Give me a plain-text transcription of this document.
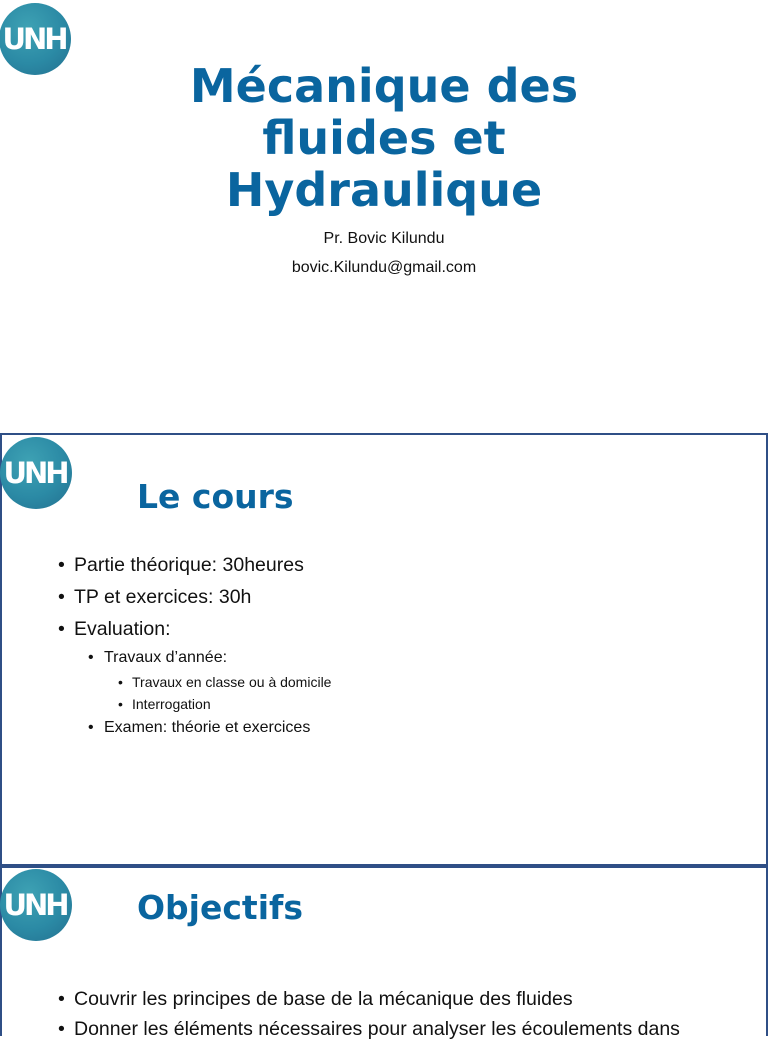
UNH
Mécanique des
fluides et
Hydraulique
Pr. Bovic Kilundu
bovic.Kilundu@gmail.com
UNH
Le cours
• Partie théorique: 30heures
• TP et exercices: 30h
• Evaluation:
• Travaux d’année:
• Travaux en classe ou à domicile
• Interrogation
• Examen: théorie et exercices
UNH Objectifs
• Couvrir les principes de base de la mécanique des fluides
• Donner les éléments nécessaires pour analyser les écoulements dans
